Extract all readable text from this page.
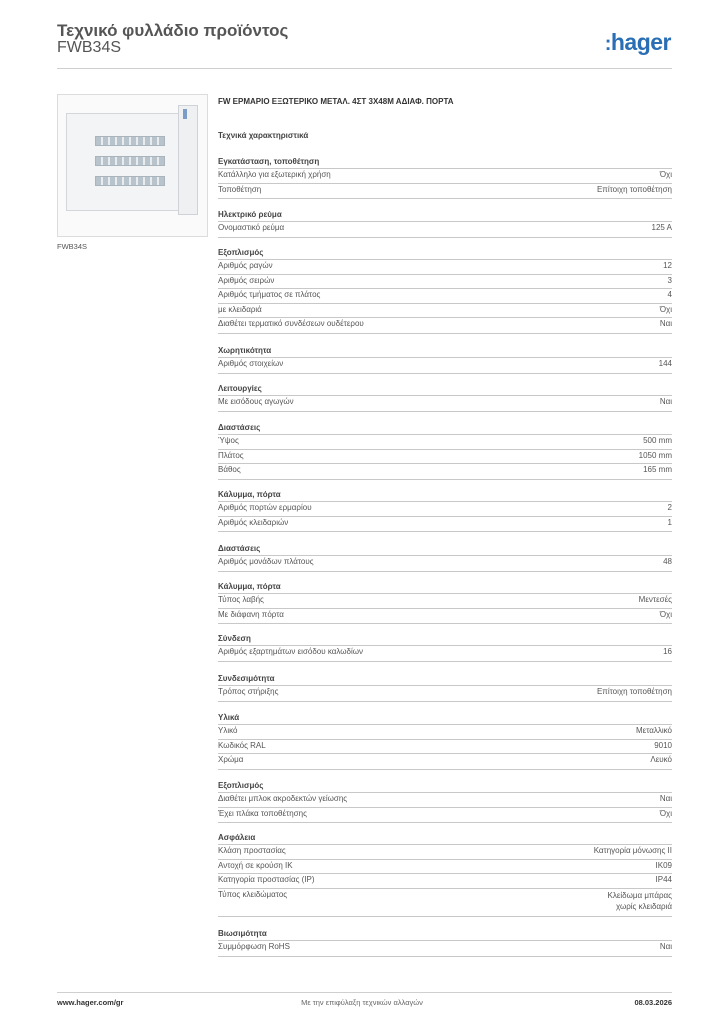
Τεχνικό φυλλάδιο προϊόντος
FWB34S	:hager
FWB34S
FW ΕΡΜΑΡΙΟ ΕΞΩΤΕΡΙΚΟ ΜΕΤΑΛ. 4ΣΤ 3Χ48Μ ΑΔΙΑΦ. ΠΟΡΤΑ
Τεχνικά χαρακτηριστικά
Εγκατάσταση, τοποθέτηση
Κατάλληλο για εξωτερική χρήση	Όχι
Τοποθέτηση	Επίτοιχη τοποθέτηση
Ηλεκτρικό ρεύμα
Ονομαστικό ρεύμα	125 A
Εξοπλισμός
Αριθμός ραγών	12
Αριθμός σειρών	3
Αριθμός τμήματος σε πλάτος	4
με κλειδαριά	Όχι
Διαθέτει τερματικό συνδέσεων ουδέτερου	Ναι
Χωρητικότητα
Αριθμός στοιχείων	144
Λειτουργίες
Με εισόδους αγωγών	Ναι
Διαστάσεις
Ύψος	500 mm
Πλάτος	1050 mm
Βάθος	165 mm
Κάλυμμα, πόρτα
Αριθμός πορτών ερμαρίου	2
Αριθμός κλειδαριών	1
Διαστάσεις
Αριθμός μονάδων πλάτους	48
Κάλυμμα, πόρτα
Τύπος λαβής	Μεντεσές
Με διάφανη πόρτα	Όχι
Σύνδεση
Αριθμός εξαρτημάτων εισόδου καλωδίων	16
Συνδεσιμότητα
Τρόπος στήριξης	Επίτοιχη τοποθέτηση
Υλικά
Υλικό	Μεταλλικό
Κωδικός RAL	9010
Χρώμα	Λευκό
Εξοπλισμός
Διαθέτει μπλοκ ακροδεκτών γείωσης	Ναι
Έχει πλάκα τοποθέτησης	Όχι
Ασφάλεια
Κλάση προστασίας	Κατηγορία μόνωσης II
Αντοχή σε κρούση IK	IK09
Κατηγορία προστασίας (IP)	IP44
Τύπος κλειδώματος	Κλείδωμα μπάρας
χωρίς κλειδαριά
Βιωσιμότητα
Συμμόρφωση RoHS	Ναι
www.hager.com/gr	Με την επιφύλαξη τεχνικών αλλαγών	08.03.2026
